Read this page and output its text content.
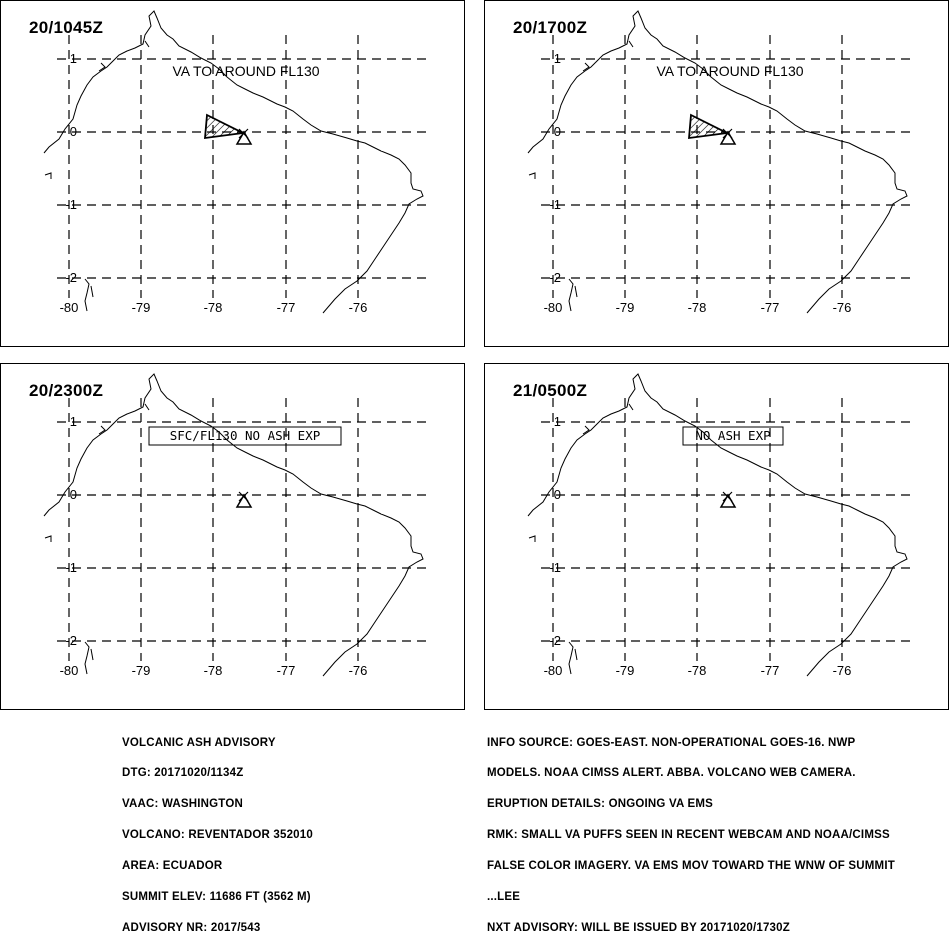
-80	-79	-78	-77	-76
1
0
-1
-2
VA TO AROUND FL130
20/1045Z
-80	-79	-78	-77	-76
1
0
-1
-2
VA TO AROUND FL130
20/1700Z
-80	-79	-78	-77	-76
1
0
-1
-2
SFC/FL130 NO ASH EXP
20/2300Z
-80	-79	-78	-77	-76
1
0
-1
-2
NO ASH EXP
21/0500Z

VOLCANIC ASH ADVISORY

DTG: 20171020/1134Z

VAAC: WASHINGTON

VOLCANO: REVENTADOR 352010

AREA: ECUADOR

SUMMIT ELEV: 11686 FT (3562 M)

ADVISORY NR: 2017/543

INFO SOURCE: GOES-EAST. NON-OPERATIONAL GOES-16. NWP

MODELS. NOAA CIMSS ALERT. ABBA. VOLCANO WEB CAMERA.

ERUPTION DETAILS: ONGOING VA EMS

RMK: SMALL VA PUFFS SEEN IN RECENT WEBCAM AND NOAA/CIMSS

FALSE COLOR IMAGERY. VA EMS MOV TOWARD THE WNW OF SUMMIT

...LEE

NXT ADVISORY: WILL BE ISSUED BY 20171020/1730Z
